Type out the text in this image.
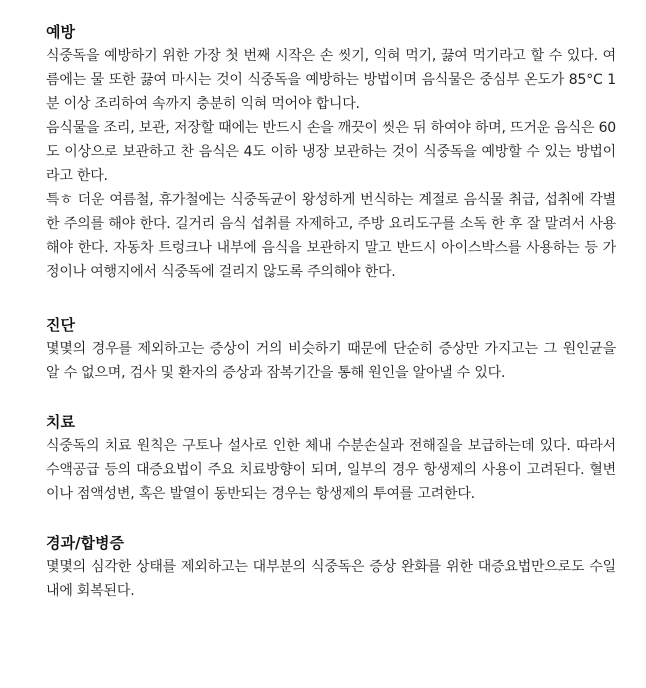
예방

식중독을 예방하기 위한 가장 첫 번째 시작은 손 씻기, 익혀 먹기, 끓여 먹기라고 할 수 있다. 여름에는 물 또한 끓여 마시는 것이 식중독을 예방하는 방법이며 음식물은 중심부 온도가 85°C 1분 이상 조리하여 속까지 충분히 익혀 먹어야 합니다.

음식물을 조리, 보관, 저장할 때에는 반드시 손을 깨끗이 씻은 뒤 하여야 하며, 뜨거운 음식은 60도 이상으로 보관하고 찬 음식은 4도 이하 냉장 보관하는 것이 식중독을 예방할 수 있는 방법이라고 한다.

특ㅎ 더운 여름철, 휴가철에는 식중독균이 왕성하게 번식하는 계절로 음식물 취급, 섭취에 각별한 주의를 해야 한다. 길거리 음식 섭취를 자제하고, 주방 요리도구를 소독 한 후 잘 말려서 사용해야 한다. 자동차 트렁크나 내부에 음식을 보관하지 말고 반드시 아이스박스를 사용하는 등 가정이나 여행지에서 식중독에 걸리지 않도록 주의해야 한다.

진단

몇몇의 경우를 제외하고는 증상이 거의 비슷하기 때문에 단순히 증상만 가지고는 그 원인균을 알 수 없으며, 검사 및 환자의 증상과 잠복기간을 통해 원인을 알아낼 수 있다.

치료

식중독의 치료 원칙은 구토나 설사로 인한 체내 수분손실과 전해질을 보급하는데 있다. 따라서 수액공급 등의 대증요법이 주요 치료방향이 되며, 일부의 경우 항생제의 사용이 고려된다. 혈변이나 점액성변, 혹은 발열이 동반되는 경우는 항생제의 투여를 고려한다.

경과/합병증

몇몇의 심각한 상태를 제외하고는 대부분의 식중독은 증상 완화를 위한 대증요법만으로도 수일 내에 회복된다.
